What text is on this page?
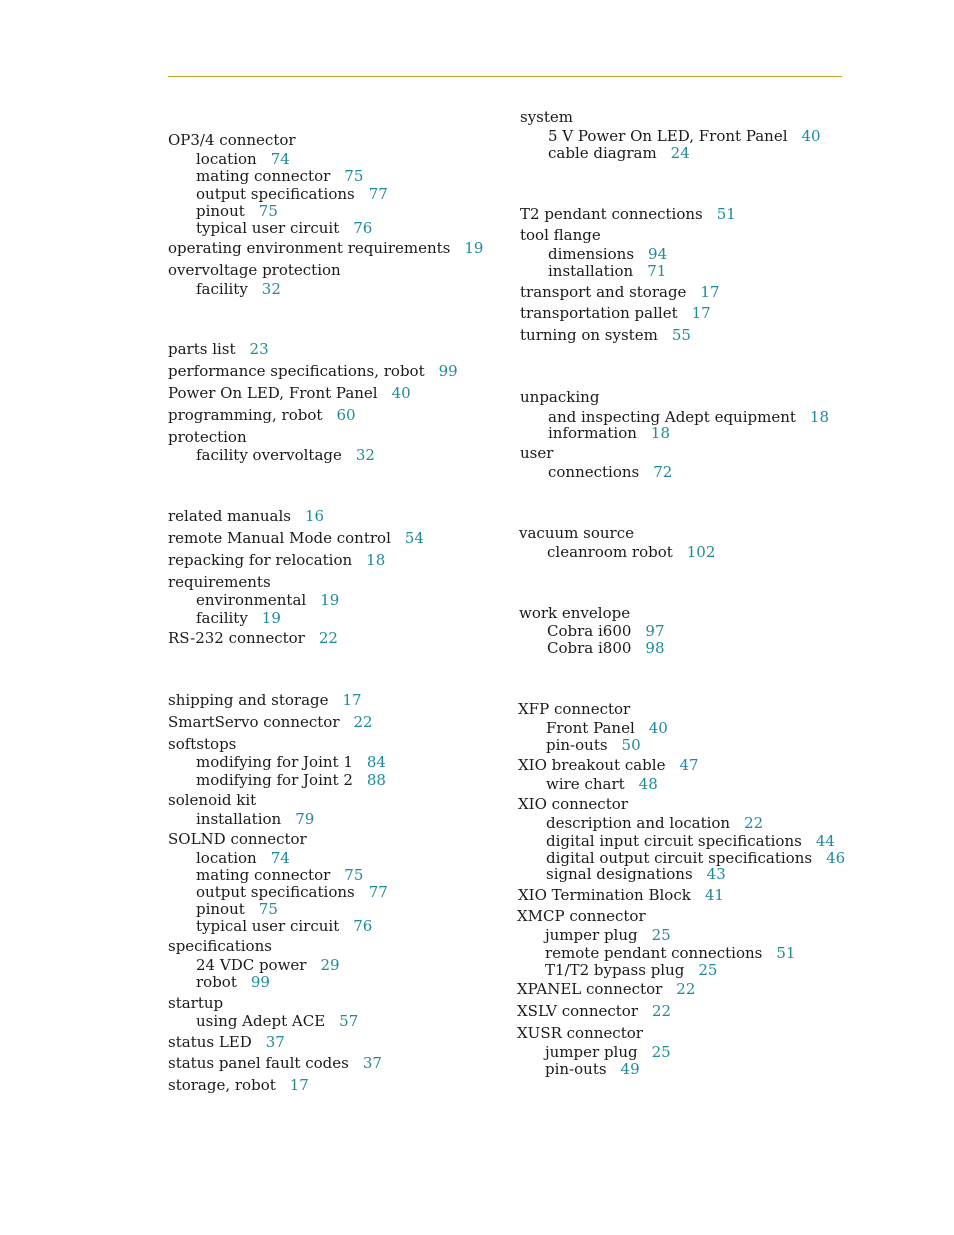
OP3/4 connector
location 74
mating connector 75
output specifications 77
pinout 75
typical user circuit 76
operating environment requirements 19
overvoltage protection
facility 32
parts list 23
performance specifications, robot 99
Power On LED, Front Panel 40
programming, robot 60
protection
facility overvoltage 32
related manuals 16
remote Manual Mode control 54
repacking for relocation 18
requirements
environmental 19
facility 19
RS-232 connector 22
shipping and storage 17
SmartServo connector 22
softstops
modifying for Joint 1 84
modifying for Joint 2 88
solenoid kit
installation 79
SOLND connector
location 74
mating connector 75
output specifications 77
pinout 75
typical user circuit 76
specifications
24 VDC power 29
robot 99
startup
using Adept ACE 57
status LED 37
status panel fault codes 37
storage, robot 17
system
5 V Power On LED, Front Panel 40
cable diagram 24
T2 pendant connections 51
tool flange
dimensions 94
installation 71
transport and storage 17
transportation pallet 17
turning on system 55
unpacking
and inspecting Adept equipment 18
information 18
user
connections 72
vacuum source
cleanroom robot 102
work envelope
Cobra i600 97
Cobra i800 98
XFP connector
Front Panel 40
pin-outs 50
XIO breakout cable 47
wire chart 48
XIO connector
description and location 22
digital input circuit specifications 44
digital output circuit specifications 46
signal designations 43
XIO Termination Block 41
XMCP connector
jumper plug 25
remote pendant connections 51
T1/T2 bypass plug 25
XPANEL connector 22
XSLV connector 22
XUSR connector
jumper plug 25
pin-outs 49
